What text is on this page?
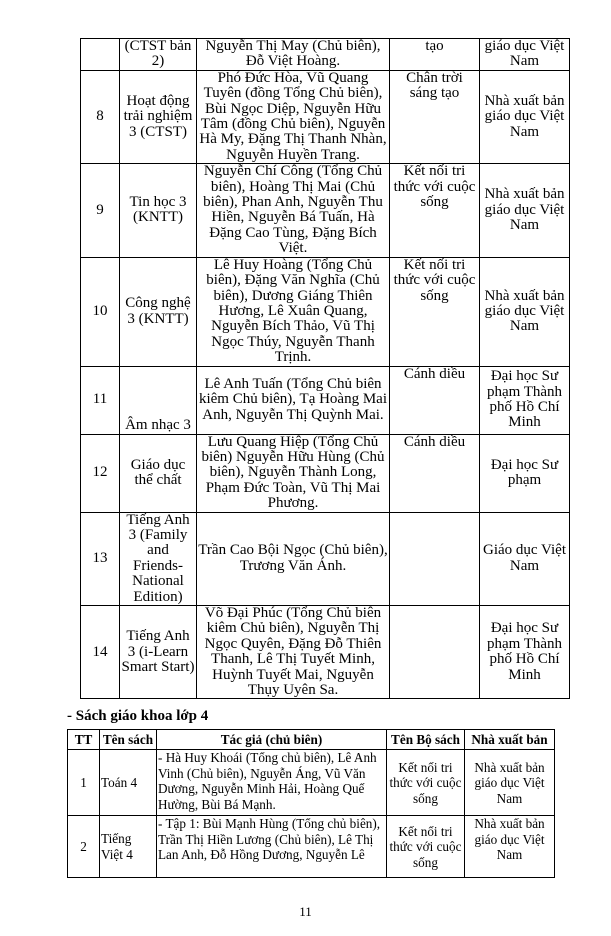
	(CTST bản 2)	Nguyễn Thị May (Chủ biên), Đỗ Việt Hoàng.	tạo	giáo dục Việt Nam
8	Hoạt động trải nghiệm 3 (CTST)	Phó Đức Hòa, Vũ Quang Tuyên (đồng Tổng Chủ biên), Bùi Ngọc Diệp, Nguyễn Hữu Tâm (đồng Chủ biên), Nguyễn Hà My, Đặng Thị Thanh Nhàn, Nguyễn Huyền Trang.	Chân trời sáng tạo	Nhà xuất bản giáo dục Việt Nam
9	Tin học 3 (KNTT)	Nguyễn Chí Công (Tổng Chủ biên), Hoàng Thị Mai (Chủ biên), Phan Anh, Nguyễn Thu Hiền, Nguyễn Bá Tuấn, Hà Đặng Cao Tùng, Đặng Bích Việt.	Kết nối tri thức với cuộc sống	Nhà xuất bản giáo dục Việt Nam
10	Công nghệ 3 (KNTT)	Lê Huy Hoàng (Tổng Chủ biên), Đặng Văn Nghĩa (Chủ biên), Dương Giáng Thiên Hương, Lê Xuân Quang, Nguyễn Bích Thảo, Vũ Thị Ngọc Thúy, Nguyễn Thanh Trịnh.	Kết nối tri thức với cuộc sống	Nhà xuất bản giáo dục Việt Nam
11	Âm nhạc 3	Lê Anh Tuấn (Tổng Chủ biên kiêm Chủ biên), Tạ Hoàng Mai Anh, Nguyễn Thị Quỳnh Mai.	Cánh diều	Đại học Sư phạm Thành phố Hồ Chí Minh
12	Giáo dục thể chất	Lưu Quang Hiệp (Tổng Chủ biên) Nguyễn Hữu Hùng (Chủ biên), Nguyễn Thành Long, Phạm Đức Toàn, Vũ Thị Mai Phương.	Cánh diều	Đại học Sư phạm
13	Tiếng Anh 3 (Family and Friends- National Edition)	Trần Cao Bội Ngọc (Chủ biên), Trương Văn Ánh.		Giáo dục Việt Nam
14	Tiếng Anh 3 (i-Learn Smart Start)	Võ Đại Phúc (Tổng Chủ biên kiêm Chủ biên), Nguyễn Thị Ngọc Quyên, Đặng Đỗ Thiên Thanh, Lê Thị Tuyết Minh, Huỳnh Tuyết Mai, Nguyễn Thụy Uyên Sa.		Đại học Sư phạm Thành phố Hồ Chí Minh
- Sách giáo khoa lớp 4
TT	Tên sách	Tác giả (chủ biên)	Tên Bộ sách	Nhà xuất bản
1	Toán 4	- Hà Huy Khoái (Tổng chủ biên), Lê Anh Vinh (Chủ biên), Nguyễn Áng, Vũ Văn Dương, Nguyễn Minh Hải, Hoàng Quế Hường, Bùi Bá Mạnh.	Kết nối tri thức với cuộc sống	Nhà xuất bản giáo dục Việt Nam
2	Tiếng Việt 4	- Tập 1: Bùi Mạnh Hùng (Tổng chủ biên), Trần Thị Hiền Lương (Chủ biên), Lê Thị Lan Anh, Đỗ Hồng Dương, Nguyễn Lê	Kết nối tri thức với cuộc sống	Nhà xuất bản giáo dục Việt Nam
11
